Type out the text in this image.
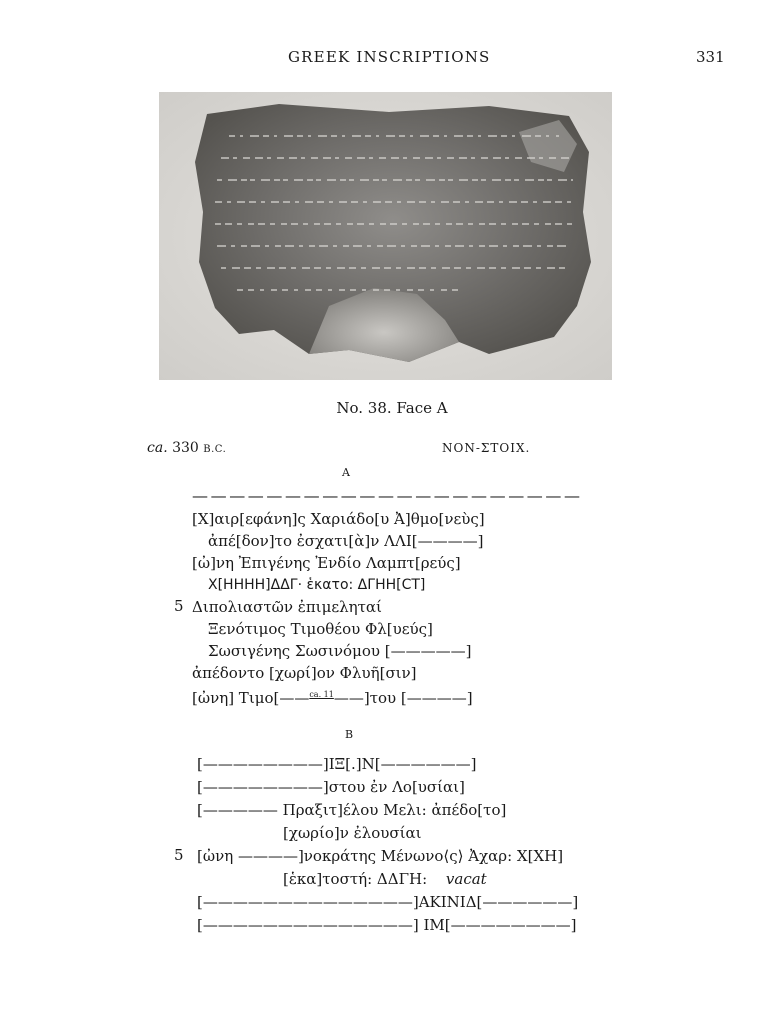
GREEK INSCRIPTIONS	331
No. 38. Face A
ca. 330 B.C.	NON-ΣΤΟΙΧ.
A
—————————————————————
[Χ]αιρ[εφάνη]ς Χαριάδο[υ Ἀ]θμο[νεὺς]
ἀπέ[δον]το ἐσχατι[ὰ]ν ΛΛΙ[————]
[ὠ]νη Ἐπιγένης Ἐνδίο Λαμπτ[ρεύς]
Χ[ΗΗΗΗ]ΔΔΓ· ἑκατο: ΔΓΗΗ[CT]
5 Διπολιαστῶν ἐπιμεληταί
Ξενότιμος Τιμοθέου Φλ[υεύς]
Σωσιγένης Σωσινόμου [—————]
ἀπέδοντο [χωρί]ον Φλυῆ[σιν]
[ὠνη] Τιμο[——$^{ca. 11}$——]του [————]
B
[————————]ΙΞ[.]Ν[——————]
[————————]στου ἐν Λο[υσίαι]
[————— Πραξιτ]έλου Μελι: ἀπέδο[το]
[χωρίο]ν ἐλουσίαι
5 [ὠνη ————]νοκράτης Μένωνο⟨ς⟩ Ἀχαρ: Χ[ΧΗ]
[ἑκα]τοστή: ΔΔΓΗ: vacat
[——————————————]ΑΚΙΝΙΔ[——————]
[——————————————] ΙΜ[————————]
